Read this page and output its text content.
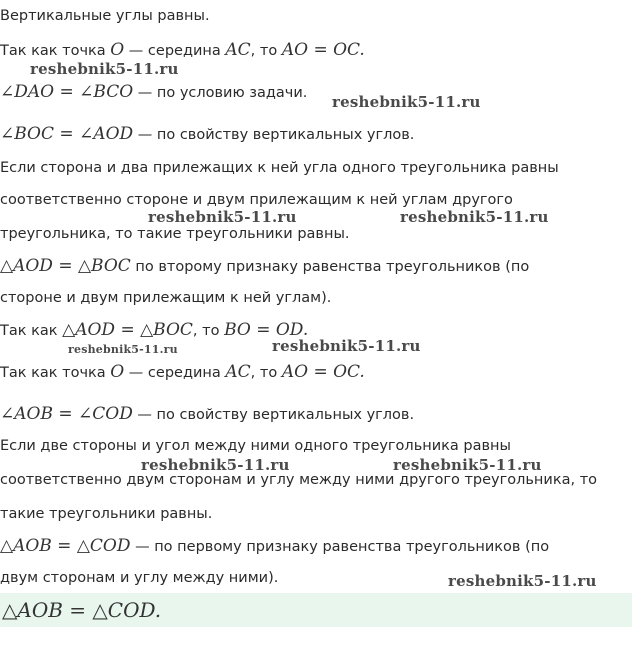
Вертикальные углы равны.
Так как точка O — середина AC, то AO = OC.
∠DAO = ∠BCO — по условию задачи.
∠BOC = ∠AOD — по свойству вертикальных углов.
Если сторона и два прилежащих к ней угла одного треугольника равны
соответственно стороне и двум прилежащим к ней углам другого
треугольника, то такие треугольники равны.
△AOD = △BOC по второму признаку равенства треугольников (по
стороне и двум прилежащим к ней углам).
Так как △AOD = △BOC, то BO = OD.
Так как точка O — середина AC, то AO = OC.
∠AOB = ∠COD — по свойству вертикальных углов.
Если две стороны и угол между ними одного треугольника равны
соответственно двум сторонам и углу между ними другого треугольника, то
такие треугольники равны.
△AOB = △COD — по первому признаку равенства треугольников (по
двум сторонам и углу между ними).
△AOB = △COD.
reshebnik5-11.ru
reshebnik5-11.ru
reshebnik5-11.ru	reshebnik5-11.ru
reshebnik5-11.ru	reshebnik5-11.ru
reshebnik5-11.ru	reshebnik5-11.ru
reshebnik5-11.ru
